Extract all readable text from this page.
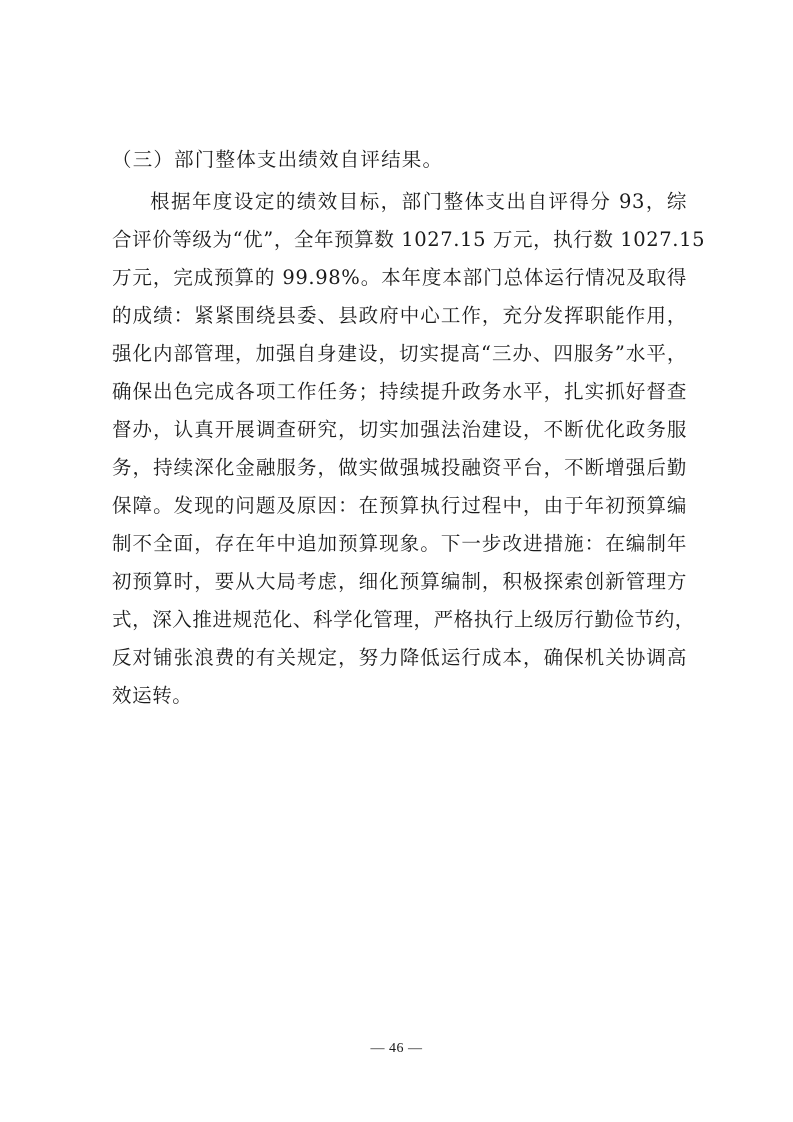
（三）部门整体支出绩效自评结果。
根据年度设定的绩效目标，部门整体支出自评得分 93，综
合评价等级为“优”，全年预算数 1027.15 万元，执行数 1027.15
万元，完成预算的 99.98%。本年度本部门总体运行情况及取得
的成绩：紧紧围绕县委、县政府中心工作，充分发挥职能作用，
强化内部管理，加强自身建设，切实提高“三办、四服务”水平，
确保出色完成各项工作任务；持续提升政务水平，扎实抓好督查
督办，认真开展调查研究，切实加强法治建设，不断优化政务服
务，持续深化金融服务，做实做强城投融资平台，不断增强后勤
保障。发现的问题及原因：在预算执行过程中，由于年初预算编
制不全面，存在年中追加预算现象。下一步改进措施：在编制年
初预算时，要从大局考虑，细化预算编制，积极探索创新管理方
式，深入推进规范化、科学化管理，严格执行上级厉行勤俭节约，
反对铺张浪费的有关规定，努力降低运行成本，确保机关协调高
效运转。
— 46 —
